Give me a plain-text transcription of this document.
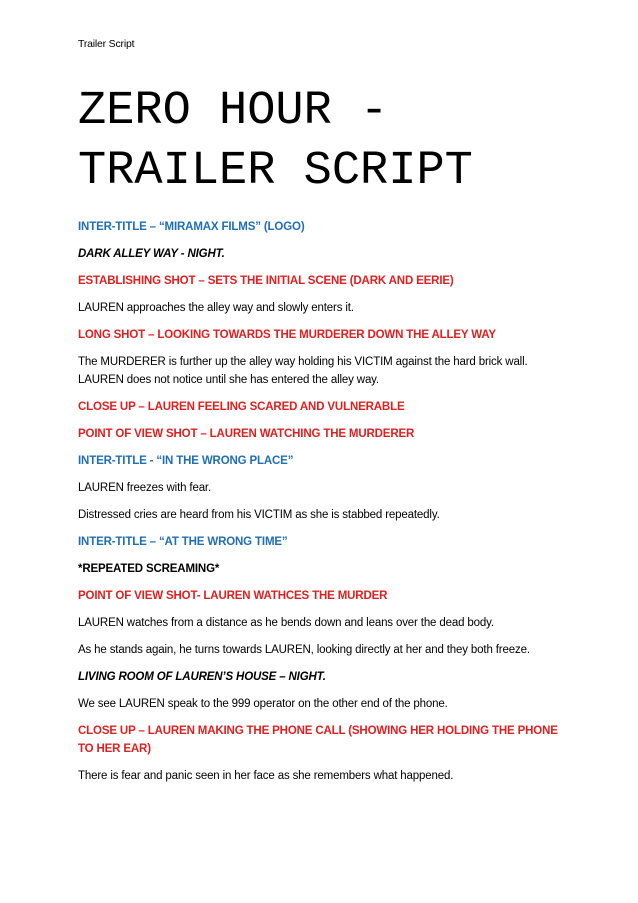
Trailer Script
ZERO HOUR -
TRAILER SCRIPT

INTER-TITLE – “MIRAMAX FILMS” (LOGO)

DARK ALLEY WAY - NIGHT.

ESTABLISHING SHOT – SETS THE INITIAL SCENE (DARK AND EERIE)

LAUREN approaches the alley way and slowly enters it.

LONG SHOT – LOOKING TOWARDS THE MURDERER DOWN THE ALLEY WAY

The MURDERER is further up the alley way holding his VICTIM against the hard brick wall. LAUREN does not notice until she has entered the alley way.

CLOSE UP – LAUREN FEELING SCARED AND VULNERABLE

POINT OF VIEW SHOT – LAUREN WATCHING THE MURDERER

INTER-TITLE - “IN THE WRONG PLACE”

LAUREN freezes with fear.

Distressed cries are heard from his VICTIM as she is stabbed repeatedly.

INTER-TITLE – “AT THE WRONG TIME”

*REPEATED SCREAMING*

POINT OF VIEW SHOT- LAUREN WATHCES THE MURDER

LAUREN watches from a distance as he bends down and leans over the dead body.

As he stands again, he turns towards LAUREN, looking directly at her and they both freeze.

LIVING ROOM OF LAUREN’S HOUSE – NIGHT.

We see LAUREN speak to the 999 operator on the other end of the phone.

CLOSE UP – LAUREN MAKING THE PHONE CALL (SHOWING HER HOLDING THE PHONE TO HER EAR)

There is fear and panic seen in her face as she remembers what happened.
